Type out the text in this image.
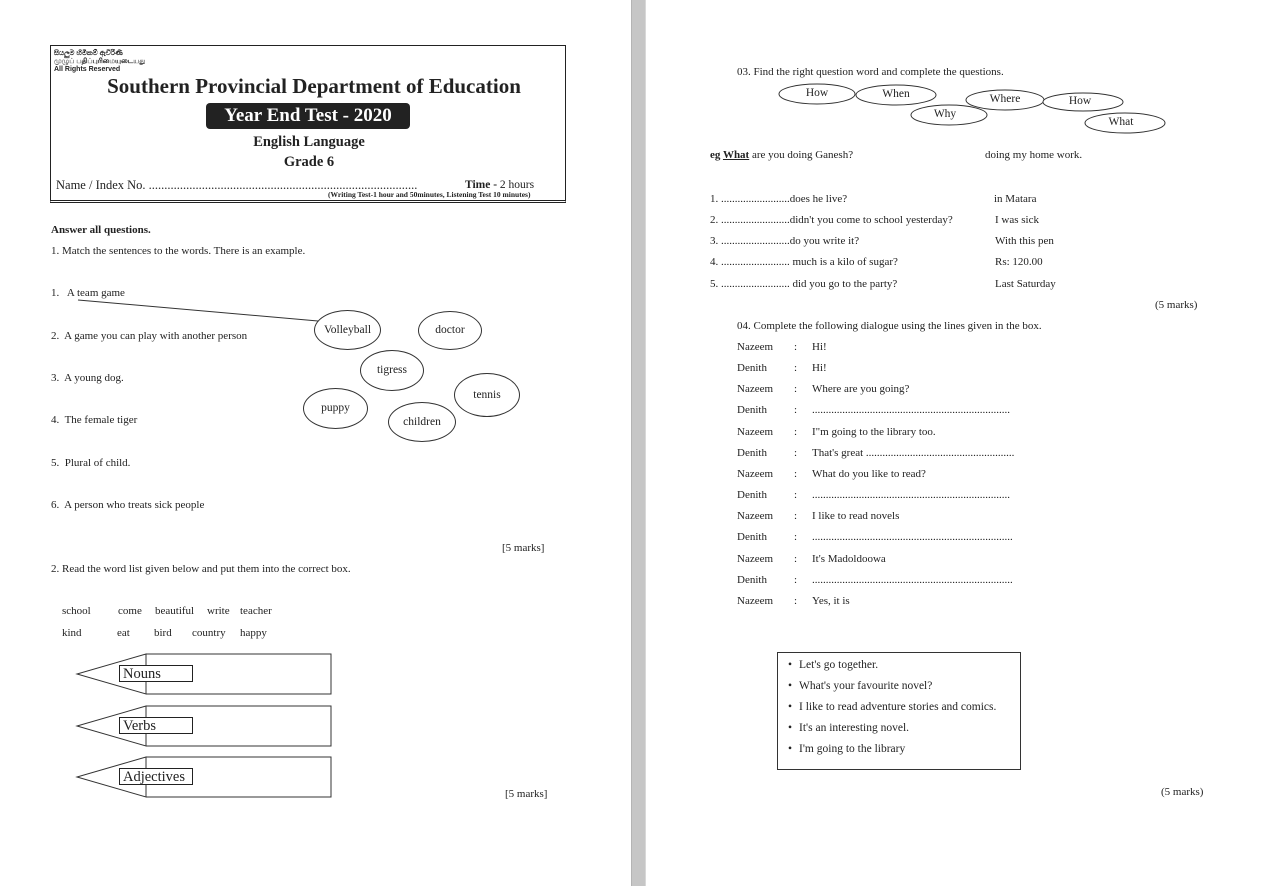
සියලුම හිමිකම් ඇවිරිණි
முழுப் பதிப்புரிமையுடையது
All Rights Reserved
Southern Provincial Department of Education
Year End Test - 2020
English Language
Grade 6
Name / Index No. ......................................................................................	Time - 2 hours
(Writing Test-1 hour and 50minutes, Listening Test 10 minutes)
Answer all questions.
1. Match the sentences to the words. There is an example.
1. A team game
2. A game you can play with another person
3. A young dog.
4. The female tiger
5. Plural of child.
6. A person who treats sick people
Volleyball	doctor
tigress
tennis
puppy
children
[5 marks]
2. Read the word list given below and put them into the correct box.
school come beautiful write teacher
kind	eat bird country happy
Nouns
Verbs
Adjectives
[5 marks]
03. Find the right question word and complete the questions.
How	When	Where	How
Why
What
eg What are you doing Ganesh?	doing my home work.
1. .........................does he live?	in Matara
2. .........................didn't you come to school yesterday?	I was sick
3. .........................do you write it?	With this pen
4. ......................... much is a kilo of sugar?	Rs: 120.00
5. ......................... did you go to the party?	Last Saturday
(5 marks)
04. Complete the following dialogue using the lines given in the box.
Nazeem : Hi!
Denith : Hi!
Nazeem : Where are you going?
Denith : ........................................................................
Nazeem : I"m going to the library too.
Denith : That's great ......................................................
Nazeem : What do you like to read?
Denith : ........................................................................
Nazeem : I like to read novels
Denith : .........................................................................
Nazeem : It's Madoldoowa
Denith : .........................................................................
Nazeem : Yes, it is
• Let's go together.
• What's your favourite novel?
• I like to read adventure stories and comics.
• It's an interesting novel.
• I'm going to the library
(5 marks)
